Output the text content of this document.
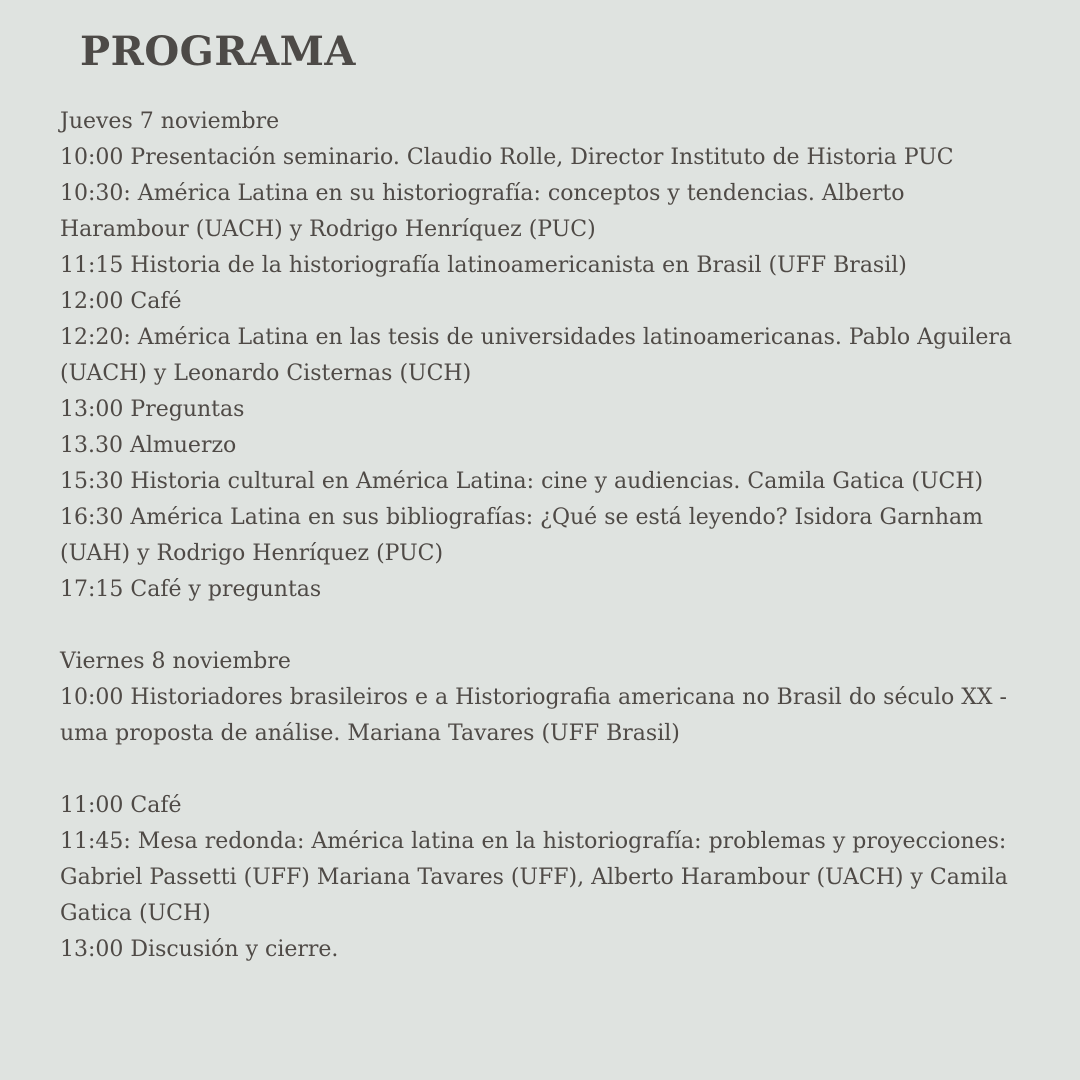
PROGRAMA

Jueves 7 noviembre

10:00 Presentación seminario. Claudio Rolle, Director Instituto de Historia PUC

10:30: América Latina en su historiografía: conceptos y tendencias. Alberto Harambour (UACH) y Rodrigo Henríquez (PUC)

11:15 Historia de la historiografía latinoamericanista en Brasil (UFF Brasil)

12:00 Café

12:20: América Latina en las tesis de universidades latinoamericanas. Pablo Aguilera (UACH) y Leonardo Cisternas (UCH)

13:00 Preguntas

13.30 Almuerzo

15:30 Historia cultural en América Latina: cine y audiencias. Camila Gatica (UCH)

16:30 América Latina en sus bibliografías: ¿Qué se está leyendo? Isidora Garnham (UAH) y Rodrigo Henríquez (PUC)

17:15 Café y preguntas

Viernes 8 noviembre

10:00 Historiadores brasileiros e a Historiografia americana no Brasil do século XX - uma proposta de análise. Mariana Tavares (UFF Brasil)

11:00 Café

11:45: Mesa redonda: América latina en la historiografía: problemas y proyecciones: Gabriel Passetti (UFF) Mariana Tavares (UFF), Alberto Harambour (UACH) y Camila Gatica (UCH)

13:00 Discusión y cierre.
